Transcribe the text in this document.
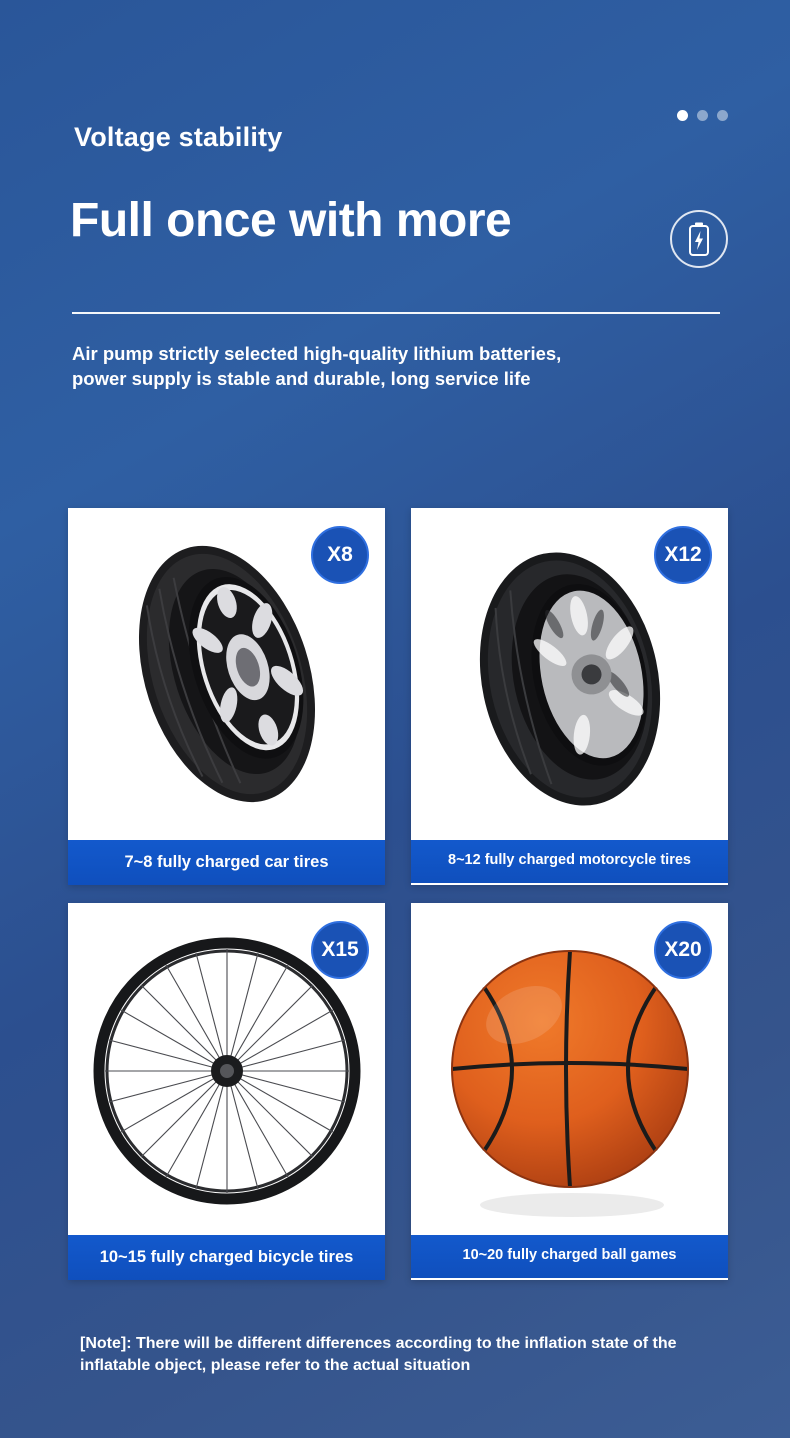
Voltage stability
Full once with more
Air pump strictly selected high-quality lithium batteries, power supply is stable and durable, long service life
X8
7~8 fully charged car tires
X12
8~12 fully charged motorcycle tires
X15
10~15 fully charged bicycle tires
X20
10~20 fully charged ball games
[Note]: There will be different differences according to the inflation state of the inflatable object, please refer to the actual situation
